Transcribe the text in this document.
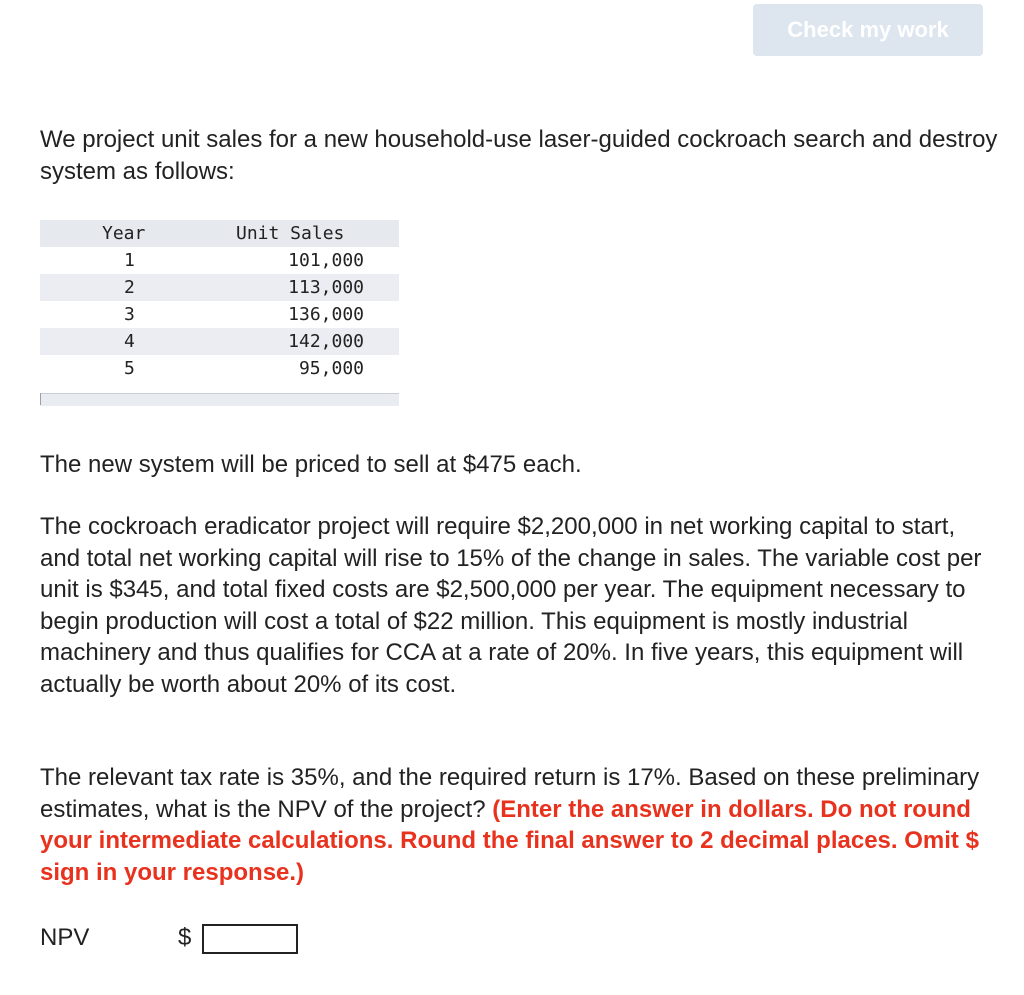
Check my work

We project unit sales for a new household-use laser-guided cockroach search and destroy system as follows:

Year	Unit Sales
1	101,000
2	113,000
3	136,000
4	142,000
5	95,000

The new system will be priced to sell at $475 each.

The cockroach eradicator project will require $2,200,000 in net working capital to start, and total net working capital will rise to 15% of the change in sales. The variable cost per unit is $345, and total fixed costs are $2,500,000 per year. The equipment necessary to begin production will cost a total of $22 million. This equipment is mostly industrial machinery and thus qualifies for CCA at a rate of 20%. In five years, this equipment will actually be worth about 20% of its cost.

The relevant tax rate is 35%, and the required return is 17%. Based on these preliminary estimates, what is the NPV of the project? (Enter the answer in dollars. Do not round your intermediate calculations. Round the final answer to 2 decimal places. Omit $ sign in your response.)

NPV	$
